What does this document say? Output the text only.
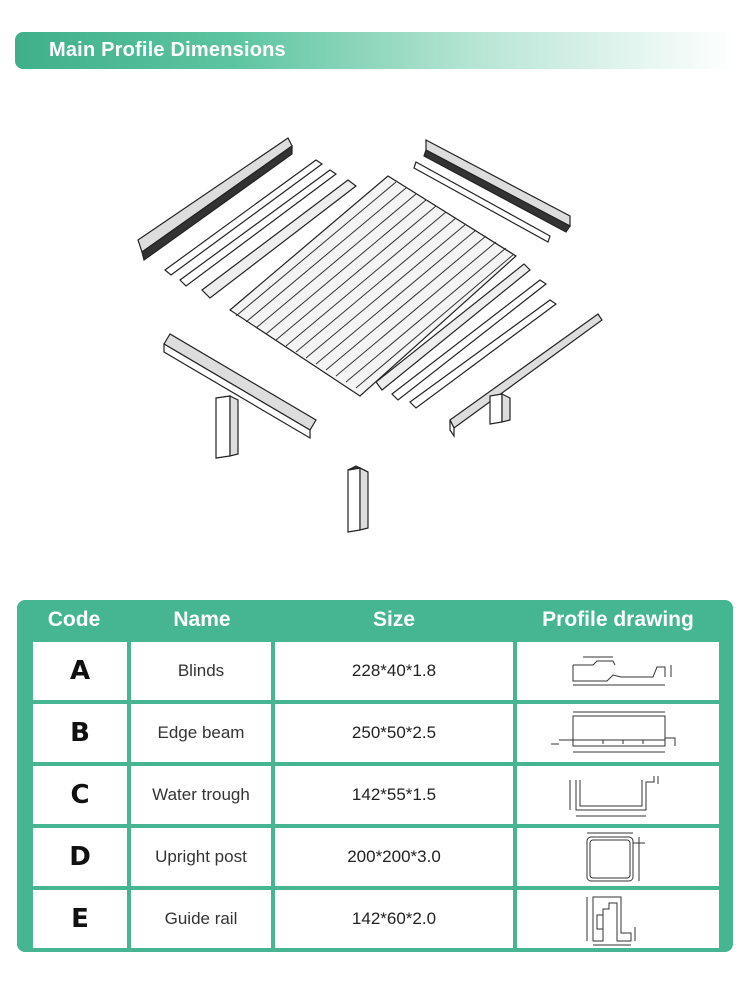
Main Profile Dimensions
Code	Name	Size	Profile drawing
A	Blinds	228*40*1.8
B	Edge beam	250*50*2.5
C	Water trough	142*55*1.5
D	Upright post	200*200*3.0
E	Guide rail	142*60*2.0
